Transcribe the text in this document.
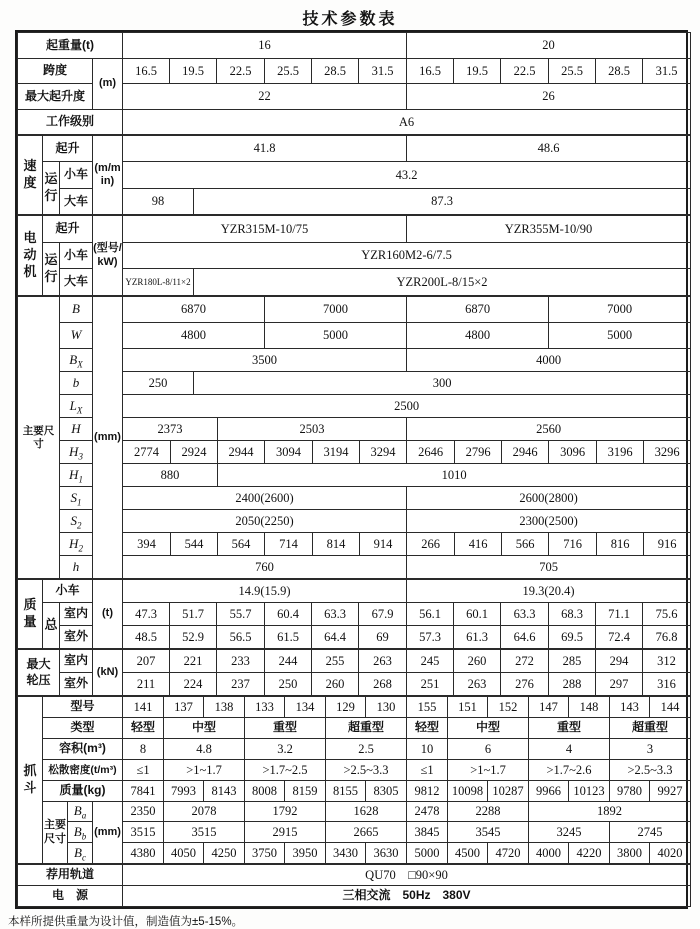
技术参数表
起重量(t)		16						20					
跨度	(m)	16.5	19.5	22.5	25.5	28.5	31.5	16.5	19.5	22.5	25.5	28.5	31.5
最大起升度		22						26					
工作级别		A6											
速度	起升		(m/min)	41.8		48.6
	运行	小车		43.2		
		大车		98	87.3	
电动机	起升		(型号/kW)	YZR315M-10/75		YZR355M-10/90
	运行	小车		YZR160M2-6/7.5		
		大车		YZR180L-8/11×2	YZR200L-8/15×2	
主要尺寸	B	(mm)	6870				7000			6870			7000		
	W		4800				5000			4800			5000		
	$B_X$		3500							4000					
	b		250		300										
	$L_X$		2500												
	H		2373			2503				2560					
	$H_3$		2774	2924		2944	3094	3194	3294	2646	2796	2946	3096	3196	3296
	$H_1$		880			1010									
	$S_1$		2400(2600)							2600(2800)					
	$S_2$		2050(2250)							2300(2500)					
	$H_2$		394	544		564	714	814	914	266	416	566	716	816	916
	h		760							705					
质量	小车		(t)	14.9(15.9)						19.3(20.4)					
	总	室内		47.3	51.7	55.7	60.4	63.3	67.9	56.1	60.1	63.3	68.3	71.1	75.6
		室外		48.5	52.9	56.5	61.5	64.4	69	57.3	61.3	64.6	69.5	72.4	76.8
最大轮压	室内	(kN)	207	221	233	244	255	263	245	260	272	285	294	312
	室外		211	224	237	250	260	268	251	263	276	288	297	316
抓斗	型号			141	137	138	133	134	129	130	155	151	152	147	148	143	144
	类型			轻型	中型		重型		超重型		轻型	中型		重型		超重型	
	容积(m³)			8	4.8		3.2		2.5		10	6		4		3	
	松散密度(t/m³)			≤1	>1~1.7		>1.7~2.5		>2.5~3.3		≤1	>1~1.7		>1.7~2.6		>2.5~3.3	
	质量(kg)			7841	7993	8143	8008	8159	8155	8305	9812	10098	10287	9966	10123	9780	9927
	主要尺寸	$B_a$	(mm)	2350	2078		1792		1628		2478	2288		1892			
		$B_b$		3515	3515		2915		2665		3845	3545		3245		2745	
		$B_c$		4380	4050	4250	3750	3950	3430	3630	5000	4500	4720	4000	4220	3800	4020
荐用轨道	QU70　□90×90
电　源	三相交流　50Hz　380V
本样所提供重量为设计值，制造值为±5-15%。
